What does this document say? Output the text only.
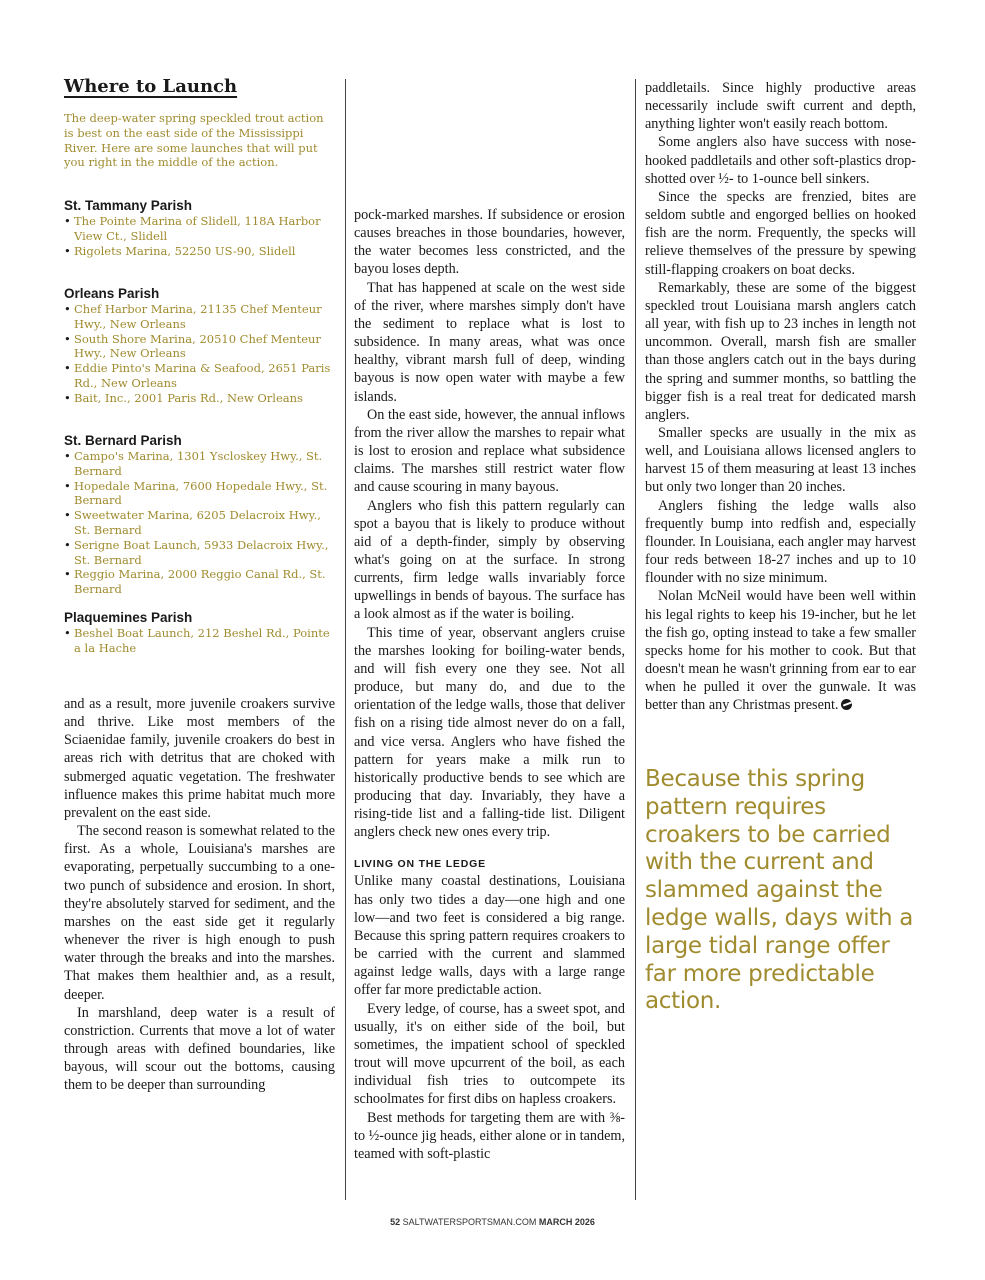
Where to Launch

The deep-water spring speckled trout action is best on the east side of the Mississippi River. Here are some launches that will put you right in the middle of the action.

St. Tammany Parish
• The Pointe Marina of Slidell, 118A Harbor View Ct., Slidell
• Rigolets Marina, 52250 US-90, Slidell
Orleans Parish
• Chef Harbor Marina, 21135 Chef Menteur Hwy., New Orleans
• South Shore Marina, 20510 Chef Menteur Hwy., New Orleans
• Eddie Pinto's Marina & Seafood, 2651 Paris Rd., New Orleans
• Bait, Inc., 2001 Paris Rd., New Orleans
St. Bernard Parish
• Campo's Marina, 1301 Yscloskey Hwy., St. Bernard
• Hopedale Marina, 7600 Hopedale Hwy., St. Bernard
• Sweetwater Marina, 6205 Delacroix Hwy., St. Bernard
• Serigne Boat Launch, 5933 Delacroix Hwy., St. Bernard
• Reggio Marina, 2000 Reggio Canal Rd., St. Bernard
Plaquemines Parish
• Beshel Boat Launch, 212 Beshel Rd., Pointe a la Hache

and as a result, more juvenile croakers survive and thrive. Like most members of the Sciaenidae family, juvenile croakers do best in areas rich with detritus that are choked with submerged aquatic vegetation. The freshwater influence makes this prime habitat much more prevalent on the east side.

The second reason is somewhat related to the first. As a whole, Louisiana's marshes are evaporating, perpetually succumbing to a one-two punch of subsidence and erosion. In short, they're absolutely starved for sediment, and the marshes on the east side get it regularly whenever the river is high enough to push water through the breaks and into the marshes. That makes them healthier and, as a result, deeper.

In marshland, deep water is a result of constriction. Currents that move a lot of water through areas with defined boundaries, like bayous, will scour out the bottoms, causing them to be deeper than surrounding

pock-marked marshes. If subsidence or erosion causes breaches in those boundaries, however, the water becomes less constricted, and the bayou loses depth.

That has happened at scale on the west side of the river, where marshes simply don't have the sediment to replace what is lost to subsidence. In many areas, what was once healthy, vibrant marsh full of deep, winding bayous is now open water with maybe a few islands.

On the east side, however, the annual inflows from the river allow the marshes to repair what is lost to erosion and replace what subsidence claims. The marshes still restrict water flow and cause scouring in many bayous.

Anglers who fish this pattern regularly can spot a bayou that is likely to produce without aid of a depth-finder, simply by observing what's going on at the surface. In strong currents, firm ledge walls invariably force upwellings in bends of bayous. The surface has a look almost as if the water is boiling.

This time of year, observant anglers cruise the marshes looking for boiling-water bends, and will fish every one they see. Not all produce, but many do, and due to the orientation of the ledge walls, those that deliver fish on a rising tide almost never do on a fall, and vice versa. Anglers who have fished the pattern for years make a milk run to historically productive bends to see which are producing that day. Invariably, they have a rising-tide list and a falling-tide list. Diligent anglers check new ones every trip.

LIVING ON THE LEDGE

Unlike many coastal destinations, Louisiana has only two tides a day—one high and one low—and two feet is considered a big range. Because this spring pattern requires croakers to be carried with the current and slammed against ledge walls, days with a large range offer far more predictable action.

Every ledge, of course, has a sweet spot, and usually, it's on either side of the boil, but sometimes, the impatient school of speckled trout will move upcurrent of the boil, as each individual fish tries to outcompete its schoolmates for first dibs on hapless croakers.

Best methods for targeting them are with ⅜- to ½-ounce jig heads, either alone or in tandem, teamed with soft-plastic

paddletails. Since highly productive areas necessarily include swift current and depth, anything lighter won't easily reach bottom.

Some anglers also have success with nose-hooked paddletails and other soft-plastics drop-shotted over ½- to 1-ounce bell sinkers.

Since the specks are frenzied, bites are seldom subtle and engorged bellies on hooked fish are the norm. Frequently, the specks will relieve themselves of the pressure by spewing still-flapping croakers on boat decks.

Remarkably, these are some of the biggest speckled trout Louisiana marsh anglers catch all year, with fish up to 23 inches in length not uncommon. Overall, marsh fish are smaller than those anglers catch out in the bays during the spring and summer months, so battling the bigger fish is a real treat for dedicated marsh anglers.

Smaller specks are usually in the mix as well, and Louisiana allows licensed anglers to harvest 15 of them measuring at least 13 inches but only two longer than 20 inches.

Anglers fishing the ledge walls also frequently bump into redfish and, especially flounder. In Louisiana, each angler may harvest four reds between 18-27 inches and up to 10 flounder with no size minimum.

Nolan McNeil would have been well within his legal rights to keep his 19-incher, but he let the fish go, opting instead to take a few smaller specks home for his mother to cook. But that doesn't mean he wasn't grinning from ear to ear when he pulled it over the gunwale. It was better than any Christmas present.

Because this spring pattern requires croakers to be carried with the current and slammed against the ledge walls, days with a large tidal range offer far more predictable action.

52 SALTWATERSPORTSMAN.COM MARCH 2026
